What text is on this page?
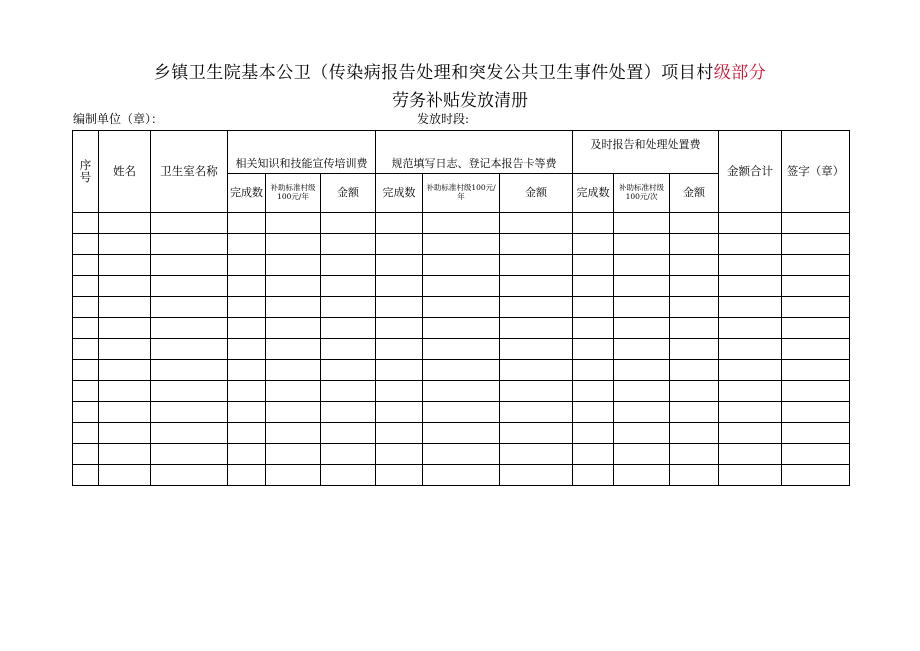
乡镇卫生院基本公卫（传染病报告处理和突发公共卫生事件处置）项目村级部分
劳务补贴发放清册
编制单位（章）：	发放时段:
序号	姓名	卫生室名称	相关知识和技能宣传培训费			规范填写日志、登记本报告卡等费			及时报告和处理处置费			金额合计	签字（章）
			完成数	补助标准村级100元/年	金额	完成数	补助标准村级100元/年	金额	完成数	补助标准村级100元/次	金额		
